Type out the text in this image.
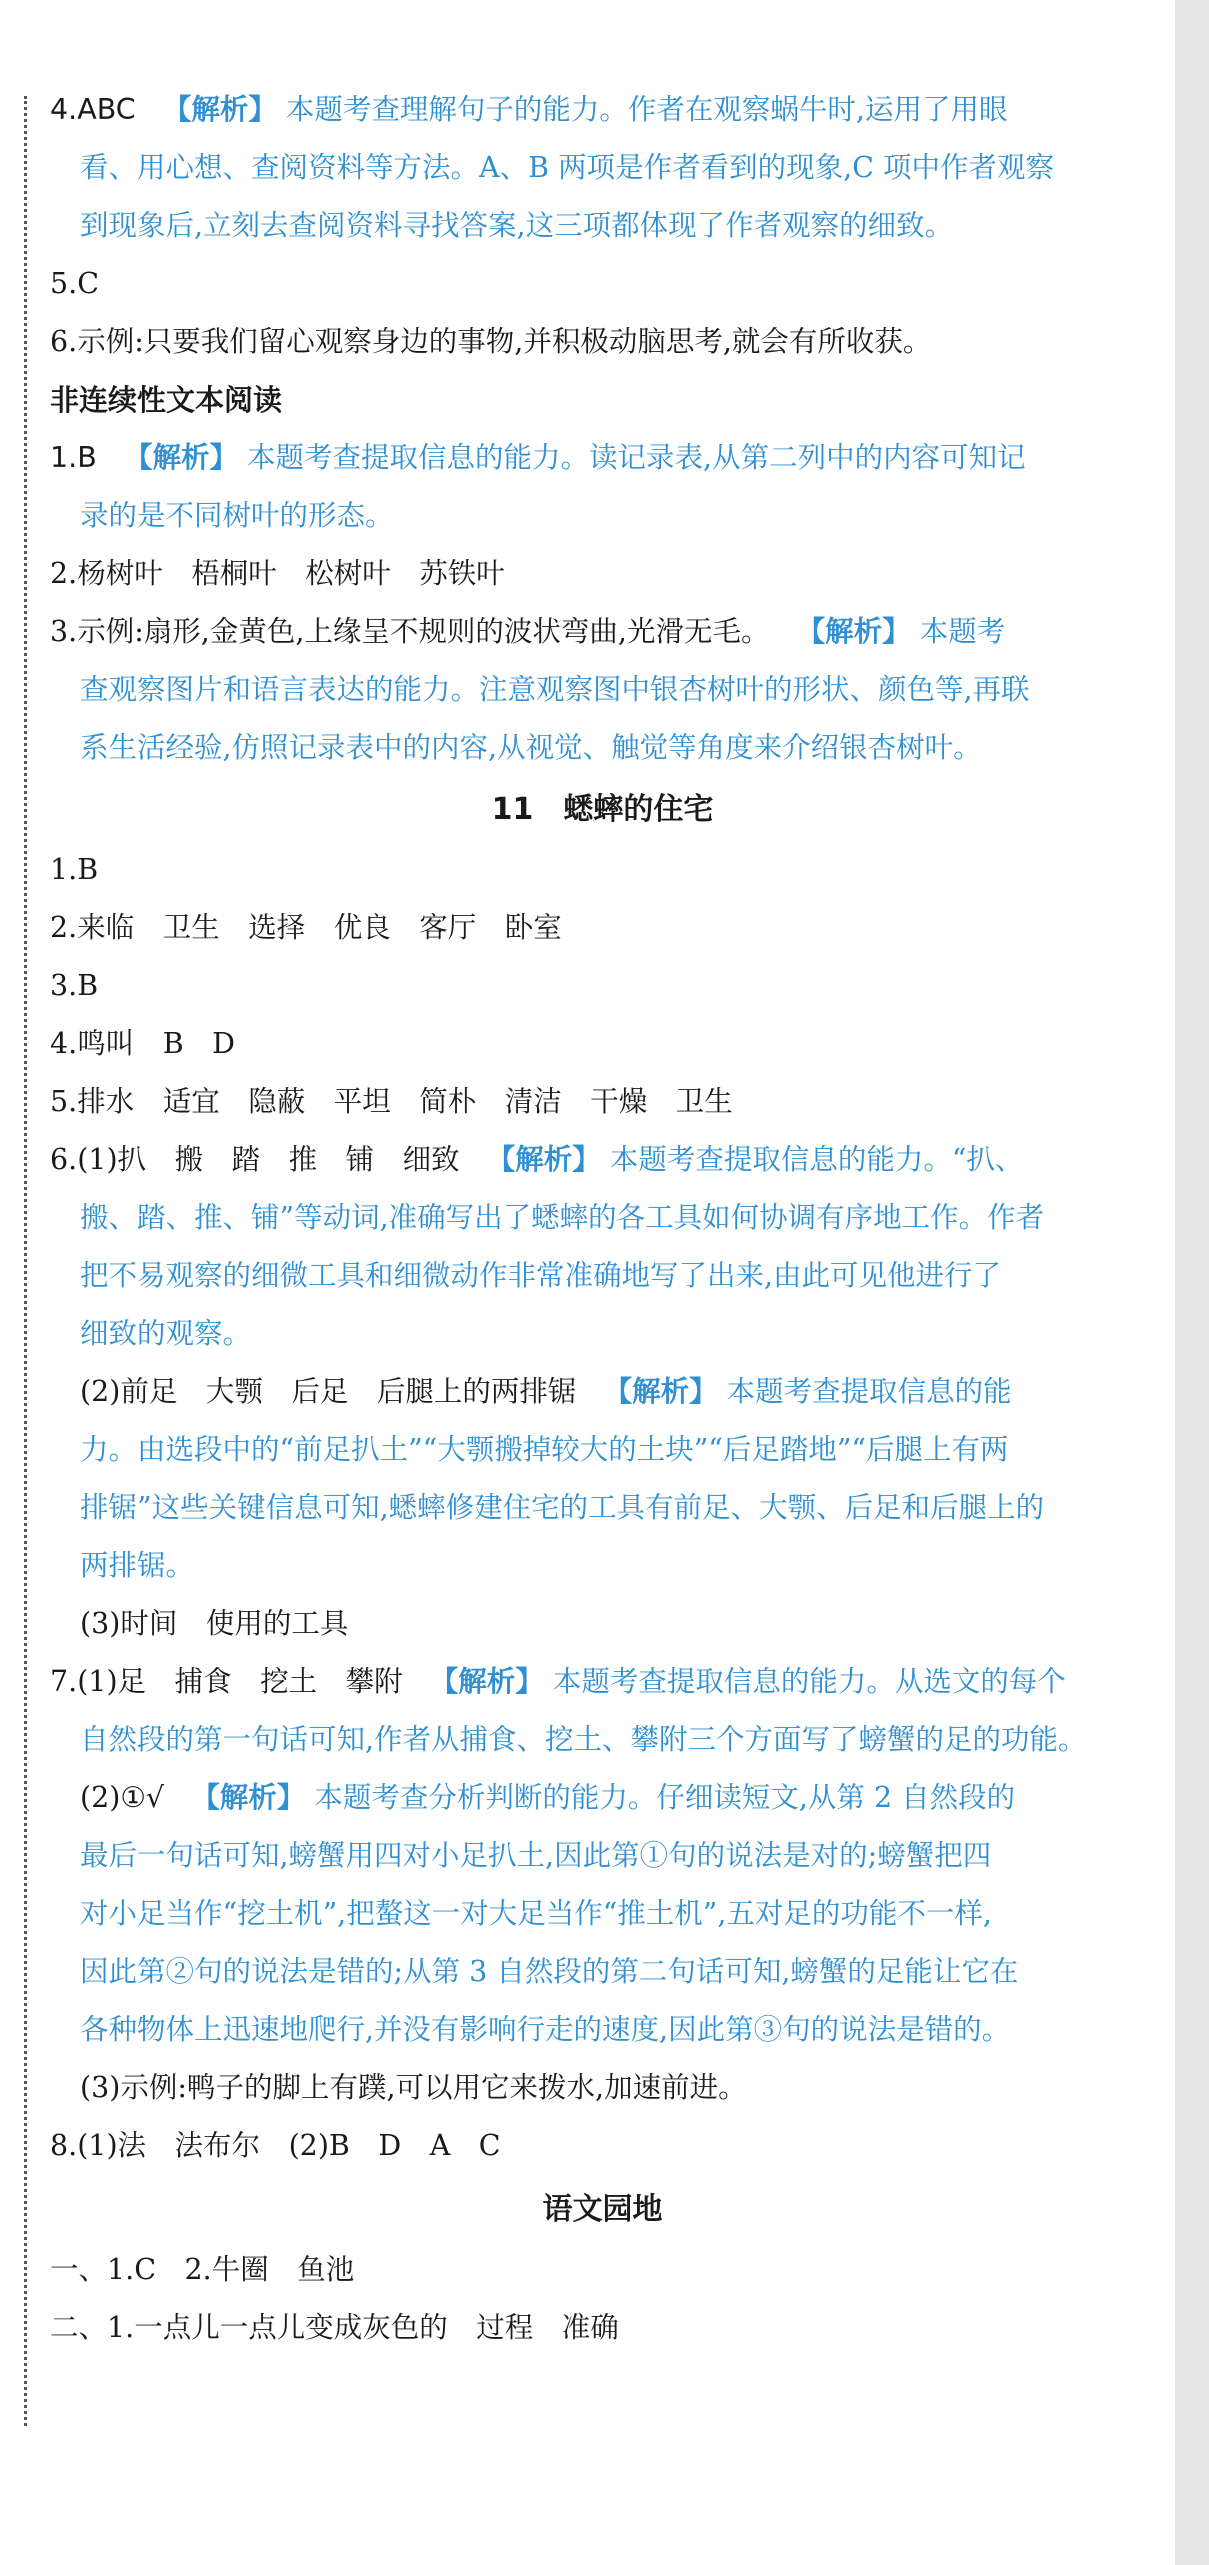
4.ABC 【解析】 本题考查理解句子的能力。作者在观察蜗牛时,运用了用眼
看、用心想、查阅资料等方法。A、B 两项是作者看到的现象,C 项中作者观察
到现象后,立刻去查阅资料寻找答案,这三项都体现了作者观察的细致。
5.C
6.示例:只要我们留心观察身边的事物,并积极动脑思考,就会有所收获。
非连续性文本阅读
1.B 【解析】 本题考查提取信息的能力。读记录表,从第二列中的内容可知记
录的是不同树叶的形态。
2.杨树叶　梧桐叶　松树叶　苏铁叶
3.示例:扇形,金黄色,上缘呈不规则的波状弯曲,光滑无毛。 【解析】 本题考
查观察图片和语言表达的能力。注意观察图中银杏树叶的形状、颜色等,再联
系生活经验,仿照记录表中的内容,从视觉、触觉等角度来介绍银杏树叶。
11　蟋蟀的住宅
1.B
2.来临　卫生　选择　优良　客厅　卧室
3.B
4.鸣叫　B　D
5.排水　适宜　隐蔽　平坦　简朴　清洁　干燥　卫生
6.(1)扒　搬　踏　推　铺　细致 【解析】 本题考查提取信息的能力。“扒、
搬、踏、推、铺”等动词,准确写出了蟋蟀的各工具如何协调有序地工作。作者
把不易观察的细微工具和细微动作非常准确地写了出来,由此可见他进行了
细致的观察。
(2)前足　大颚　后足　后腿上的两排锯 【解析】 本题考查提取信息的能
力。由选段中的“前足扒土”“大颚搬掉较大的土块”“后足踏地”“后腿上有两
排锯”这些关键信息可知,蟋蟀修建住宅的工具有前足、大颚、后足和后腿上的
两排锯。
(3)时间　使用的工具
7.(1)足　捕食　挖土　攀附 【解析】 本题考查提取信息的能力。从选文的每个
自然段的第一句话可知,作者从捕食、挖土、攀附三个方面写了螃蟹的足的功能。
(2)①√ 【解析】 本题考查分析判断的能力。仔细读短文,从第 2 自然段的
最后一句话可知,螃蟹用四对小足扒土,因此第①句的说法是对的;螃蟹把四
对小足当作“挖土机”,把螯这一对大足当作“推土机”,五对足的功能不一样,
因此第②句的说法是错的;从第 3 自然段的第二句话可知,螃蟹的足能让它在
各种物体上迅速地爬行,并没有影响行走的速度,因此第③句的说法是错的。
(3)示例:鸭子的脚上有蹼,可以用它来拨水,加速前进。
8.(1)法　法布尔　(2)B　D　A　C
语文园地
一、1.C　2.牛圈　鱼池
二、1.一点儿一点儿变成灰色的　过程　准确
